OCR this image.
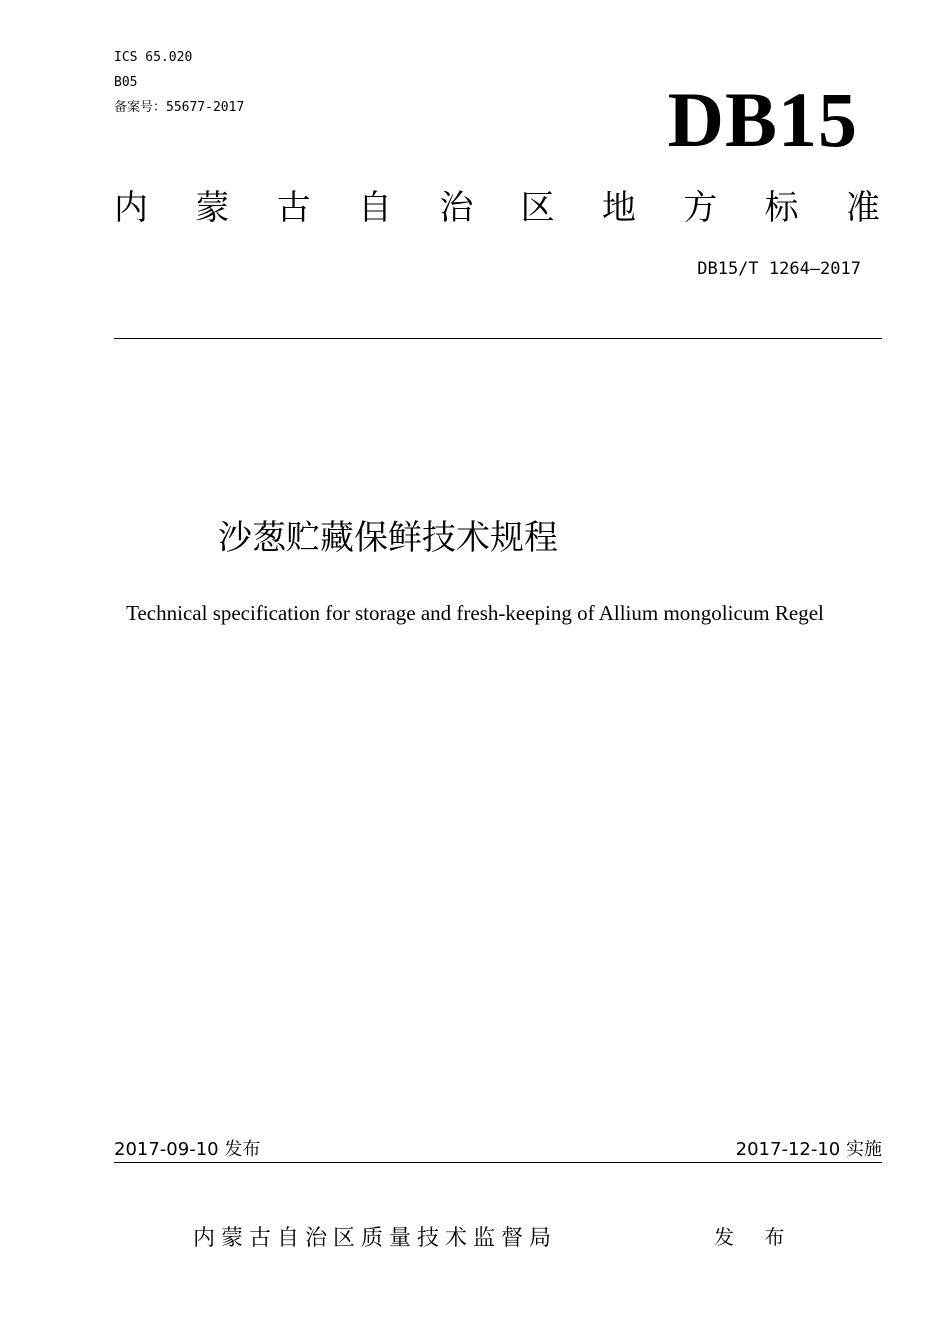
ICS 65.020
B05
备案号：55677-2017	DB15
内 蒙 古 自 治 区 地 方 标 准
DB15/T 1264—2017
沙葱贮藏保鲜技术规程
Technical specification for storage and fresh-keeping of Allium mongolicum Regel
2017-09-10 发布	2017-12-10 实施
内蒙古自治区质量技术监督局	发 布
